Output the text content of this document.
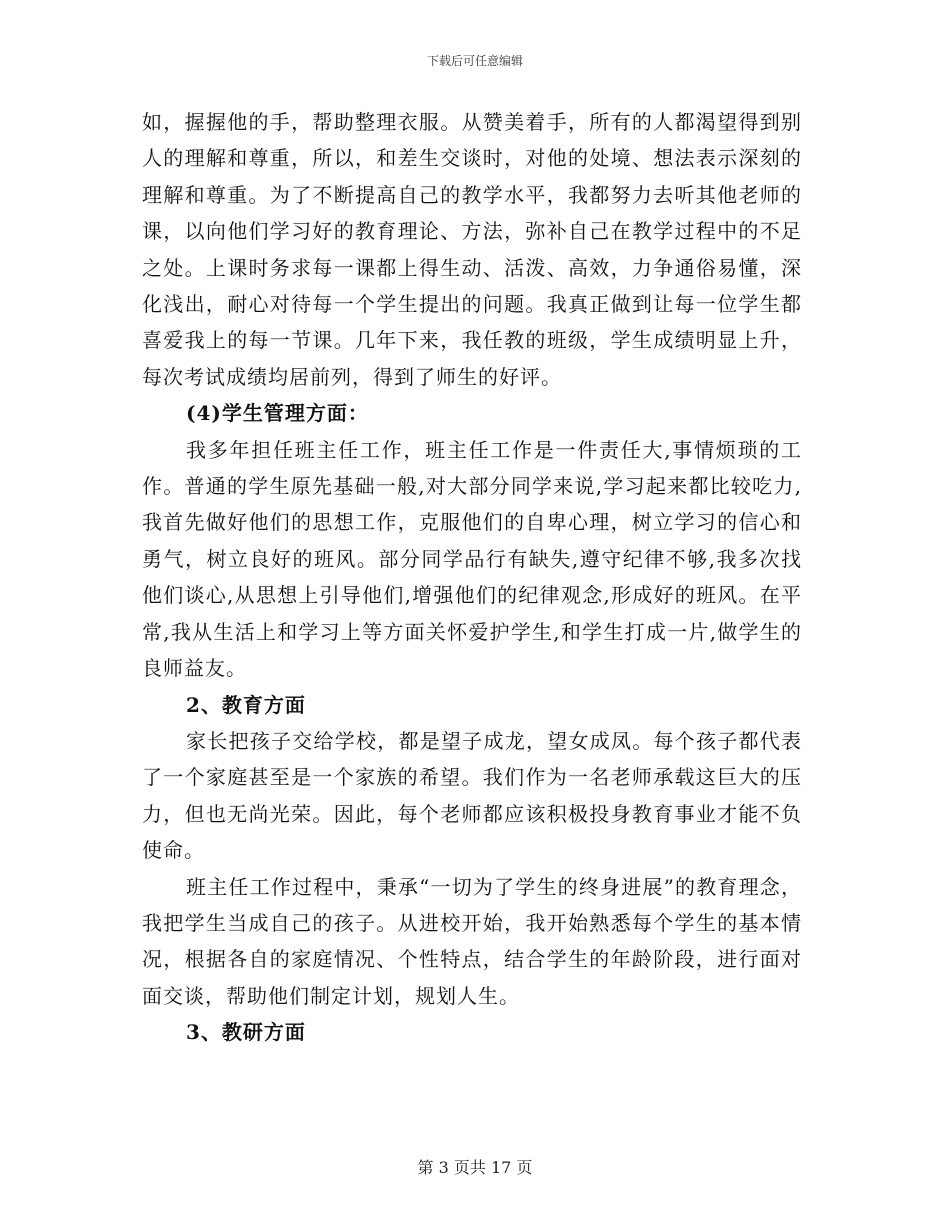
下载后可任意编辑

如，握握他的手，帮助整理衣服。从赞美着手，所有的人都渴望得到别人的理解和尊重，所以，和差生交谈时，对他的处境、想法表示深刻的理解和尊重。为了不断提高自己的教学水平，我都努力去听其他老师的课，以向他们学习好的教育理论、方法，弥补自己在教学过程中的不足之处。上课时务求每一课都上得生动、活泼、高效，力争通俗易懂，深化浅出，耐心对待每一个学生提出的问题。我真正做到让每一位学生都喜爱我上的每一节课。几年下来，我任教的班级，学生成绩明显上升，每次考试成绩均居前列，得到了师生的好评。

(4)学生管理方面：

我多年担任班主任工作，班主任工作是一件责任大,事情烦琐的工作。普通的学生原先基础一般,对大部分同学来说,学习起来都比较吃力,我首先做好他们的思想工作，克服他们的自卑心理，树立学习的信心和勇气，树立良好的班风。部分同学品行有缺失,遵守纪律不够,我多次找他们谈心,从思想上引导他们,增强他们的纪律观念,形成好的班风。在平常,我从生活上和学习上等方面关怀爱护学生,和学生打成一片,做学生的良师益友。

2、教育方面

家长把孩子交给学校，都是望子成龙，望女成凤。每个孩子都代表了一个家庭甚至是一个家族的希望。我们作为一名老师承载这巨大的压力，但也无尚光荣。因此，每个老师都应该积极投身教育事业才能不负使命。

班主任工作过程中，秉承“一切为了学生的终身进展”的教育理念，我把学生当成自己的孩子。从进校开始，我开始熟悉每个学生的基本情况，根据各自的家庭情况、个性特点，结合学生的年龄阶段，进行面对面交谈，帮助他们制定计划，规划人生。

3、教研方面

第 3 页共 17 页
